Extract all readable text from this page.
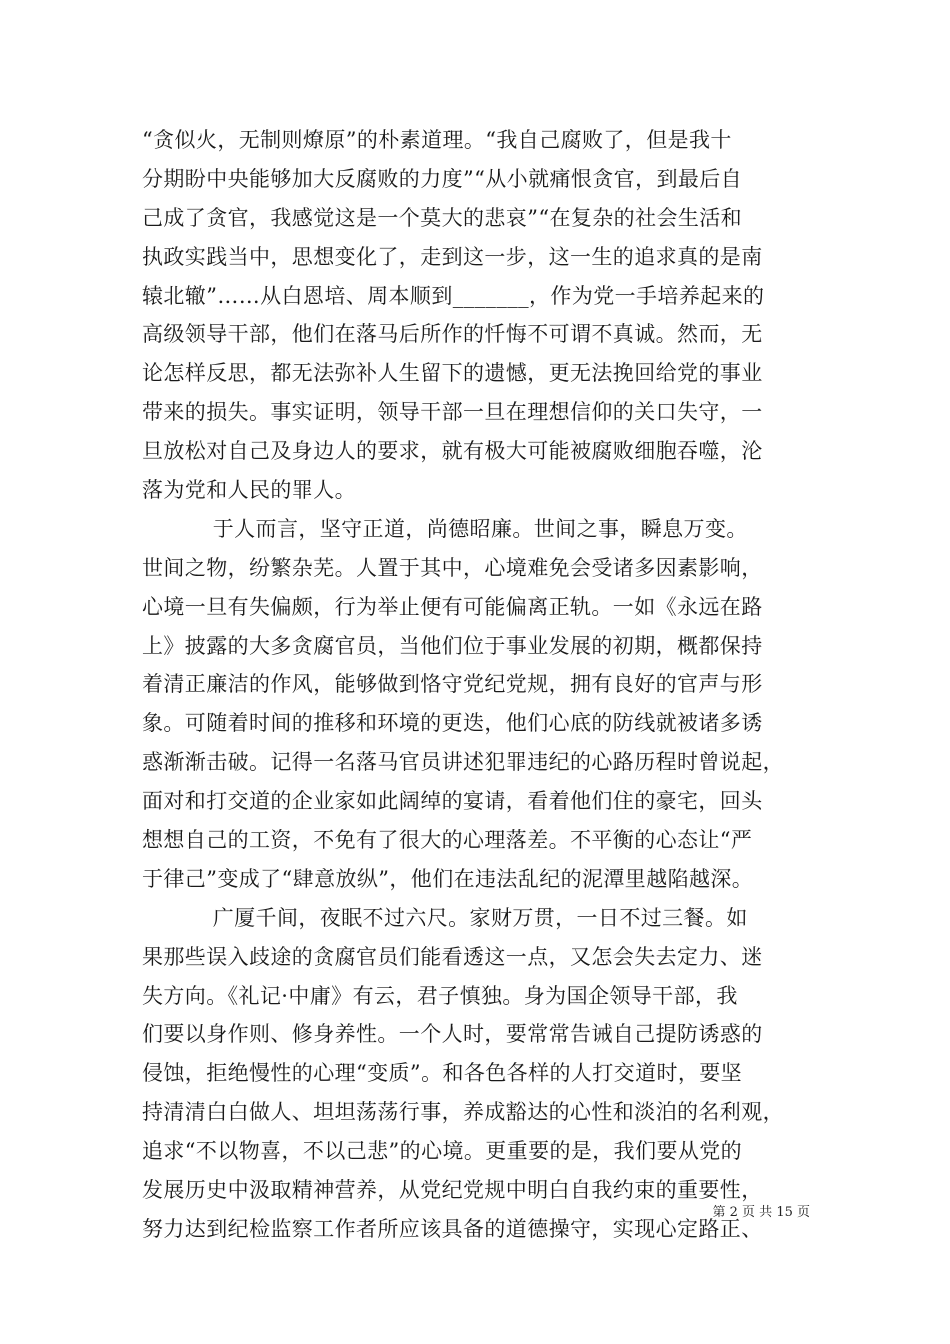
“贪似火，无制则燎原”的朴素道理。“我自己腐败了，但是我十
分期盼中央能够加大反腐败的力度”“从小就痛恨贪官，到最后自
己成了贪官，我感觉这是一个莫大的悲哀”“在复杂的社会生活和
执政实践当中，思想变化了，走到这一步，这一生的追求真的是南
辕北辙”……从白恩培、周本顺到_______，作为党一手培养起来的
高级领导干部，他们在落马后所作的忏悔不可谓不真诚。然而，无
论怎样反思，都无法弥补人生留下的遗憾，更无法挽回给党的事业
带来的损失。事实证明，领导干部一旦在理想信仰的关口失守，一
旦放松对自己及身边人的要求，就有极大可能被腐败细胞吞噬，沦
落为党和人民的罪人。
于人而言，坚守正道，尚德昭廉。世间之事，瞬息万变。
世间之物，纷繁杂芜。人置于其中，心境难免会受诸多因素影响，
心境一旦有失偏颇，行为举止便有可能偏离正轨。一如《永远在路
上》披露的大多贪腐官员，当他们位于事业发展的初期，概都保持
着清正廉洁的作风，能够做到恪守党纪党规，拥有良好的官声与形
象。可随着时间的推移和环境的更迭，他们心底的防线就被诸多诱
惑渐渐击破。记得一名落马官员讲述犯罪违纪的心路历程时曾说起，
面对和打交道的企业家如此阔绰的宴请，看着他们住的豪宅，回头
想想自己的工资，不免有了很大的心理落差。不平衡的心态让“严
于律己”变成了“肆意放纵”，他们在违法乱纪的泥潭里越陷越深。
广厦千间，夜眠不过六尺。家财万贯，一日不过三餐。如
果那些误入歧途的贪腐官员们能看透这一点，又怎会失去定力、迷
失方向。《礼记·中庸》有云，君子慎独。身为国企领导干部，我
们要以身作则、修身养性。一个人时，要常常告诫自己提防诱惑的
侵蚀，拒绝慢性的心理“变质”。和各色各样的人打交道时，要坚
持清清白白做人、坦坦荡荡行事，养成豁达的心性和淡泊的名利观，
追求“不以物喜，不以己悲”的心境。更重要的是，我们要从党的
发展历史中汲取精神营养，从党纪党规中明白自我约束的重要性，
努力达到纪检监察工作者所应该具备的道德操守，实现心定路正、
第 2 页 共 15 页
